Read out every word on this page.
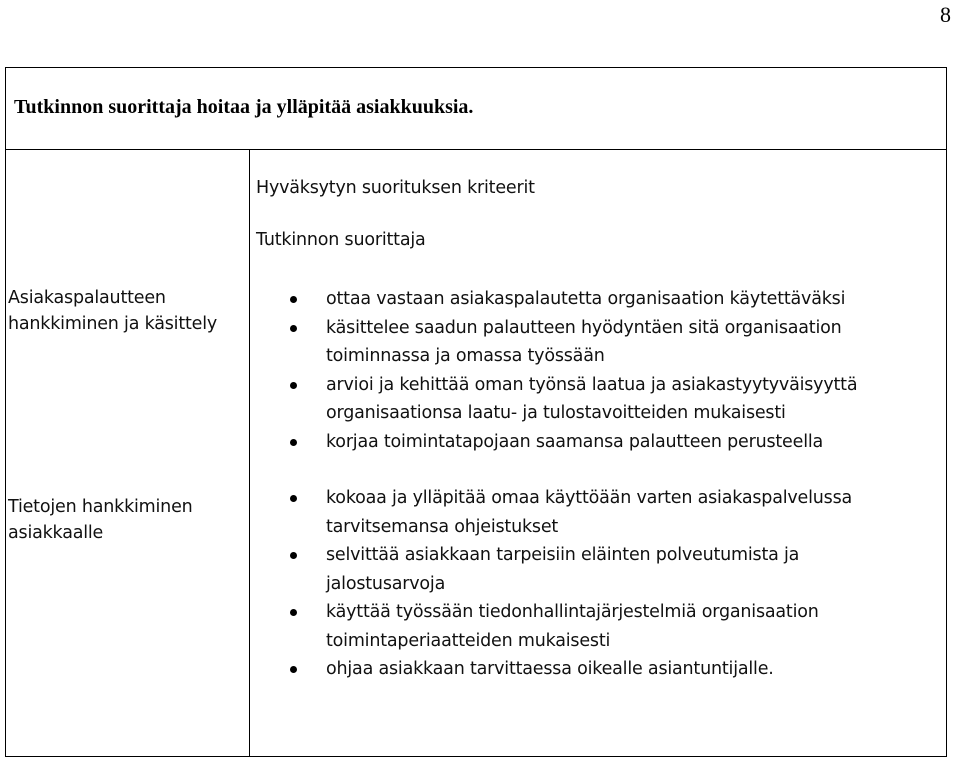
8
Tutkinnon suorittaja hoitaa ja ylläpitää asiakkuuksia.
Hyväksytyn suorituksen kriteerit
Tutkinnon suorittaja
Asiakaspalautteen
hankkiminen ja käsittely
ottaa vastaan asiakaspalautetta organisaation käytettäväksi
käsittelee saadun palautteen hyödyntäen sitä organisaation
toiminnassa ja omassa työssään
arvioi ja kehittää oman työnsä laatua ja asiakastyytyväisyyttä
organisaationsa laatu- ja tulostavoitteiden mukaisesti
korjaa toimintatapojaan saamansa palautteen perusteella
Tietojen hankkiminen
asiakkaalle
kokoaa ja ylläpitää omaa käyttöään varten asiakaspalvelussa
tarvitsemansa ohjeistukset
selvittää asiakkaan tarpeisiin eläinten polveutumista ja
jalostusarvoja
käyttää työssään tiedonhallintajärjestelmiä organisaation
toimintaperiaatteiden mukaisesti
ohjaa asiakkaan tarvittaessa oikealle asiantuntijalle.
